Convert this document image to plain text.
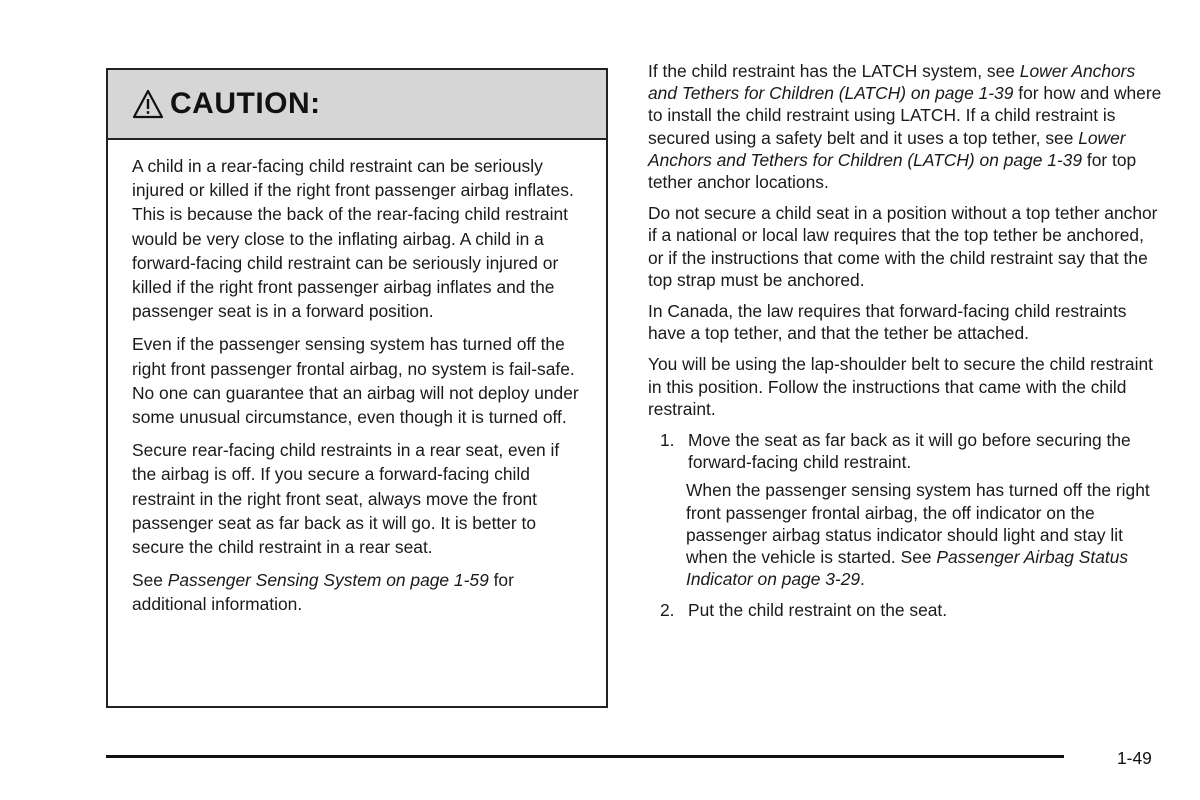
CAUTION:

A child in a rear-facing child restraint can be seriously injured or killed if the right front passenger airbag inflates. This is because the back of the rear-facing child restraint would be very close to the inflating airbag. A child in a forward-facing child restraint can be seriously injured or killed if the right front passenger airbag inflates and the passenger seat is in a forward position.

Even if the passenger sensing system has turned off the right front passenger frontal airbag, no system is fail-safe. No one can guarantee that an airbag will not deploy under some unusual circumstance, even though it is turned off.

Secure rear-facing child restraints in a rear seat, even if the airbag is off. If you secure a forward-facing child restraint in the right front seat, always move the front passenger seat as far back as it will go. It is better to secure the child restraint in a rear seat.

See Passenger Sensing System on page 1-59 for additional information.

If the child restraint has the LATCH system, see Lower Anchors and Tethers for Children (LATCH) on page 1-39 for how and where to install the child restraint using LATCH. If a child restraint is secured using a safety belt and it uses a top tether, see Lower Anchors and Tethers for Children (LATCH) on page 1-39 for top tether anchor locations.

Do not secure a child seat in a position without a top tether anchor if a national or local law requires that the top tether be anchored, or if the instructions that come with the child restraint say that the top strap must be anchored.

In Canada, the law requires that forward-facing child restraints have a top tether, and that the tether be attached.

You will be using the lap-shoulder belt to secure the child restraint in this position. Follow the instructions that came with the child restraint.

1. Move the seat as far back as it will go before securing the forward-facing child restraint.

When the passenger sensing system has turned off the right front passenger frontal airbag, the off indicator on the passenger airbag status indicator should light and stay lit when the vehicle is started. See Passenger Airbag Status Indicator on page 3-29.

2. Put the child restraint on the seat.
1-49
